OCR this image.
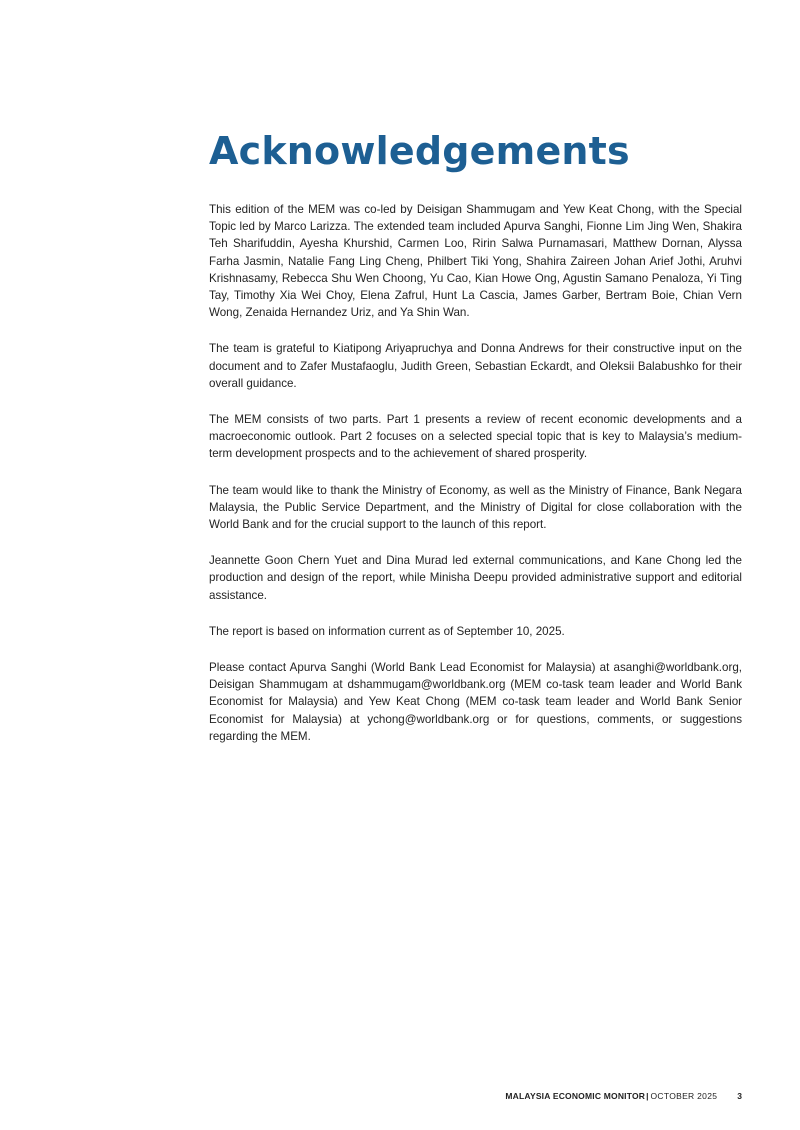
Acknowledgements

This edition of the MEM was co-led by Deisigan Shammugam and Yew Keat Chong, with the Special Topic led by Marco Larizza. The extended team included Apurva Sanghi, Fionne Lim Jing Wen, Shakira Teh Sharifuddin, Ayesha Khurshid, Carmen Loo, Ririn Salwa Purnamasari, Matthew Dornan, Alyssa Farha Jasmin, Natalie Fang Ling Cheng, Philbert Tiki Yong, Shahira Zaireen Johan Arief Jothi, Aruhvi Krishnasamy, Rebecca Shu Wen Choong, Yu Cao, Kian Howe Ong, Agustin Samano Penaloza, Yi Ting Tay, Timothy Xia Wei Choy, Elena Zafrul, Hunt La Cascia, James Garber, Bertram Boie, Chian Vern Wong, Zenaida Hernandez Uriz, and Ya Shin Wan.

The team is grateful to Kiatipong Ariyapruchya and Donna Andrews for their constructive input on the document and to Zafer Mustafaoglu, Judith Green, Sebastian Eckardt, and Oleksii Balabushko for their overall guidance.

The MEM consists of two parts. Part 1 presents a review of recent economic developments and a macroeconomic outlook. Part 2 focuses on a selected special topic that is key to Malaysia’s medium-term development prospects and to the achievement of shared prosperity.

The team would like to thank the Ministry of Economy, as well as the Ministry of Finance, Bank Negara Malaysia, the Public Service Department, and the Ministry of Digital for close collaboration with the World Bank and for the crucial support to the launch of this report.

Jeannette Goon Chern Yuet and Dina Murad led external communications, and Kane Chong led the production and design of the report, while Minisha Deepu provided administrative support and editorial assistance.

The report is based on information current as of September 10, 2025.

Please contact Apurva Sanghi (World Bank Lead Economist for Malaysia) at asanghi@worldbank.org, Deisigan Shammugam at dshammugam@worldbank.org (MEM co-task team leader and World Bank Economist for Malaysia) and Yew Keat Chong (MEM co-task team leader and World Bank Senior Economist for Malaysia) at ychong@worldbank.org or for questions, comments, or suggestions regarding the MEM.

MALAYSIA ECONOMIC MONITOR| OCTOBER 2025 3
